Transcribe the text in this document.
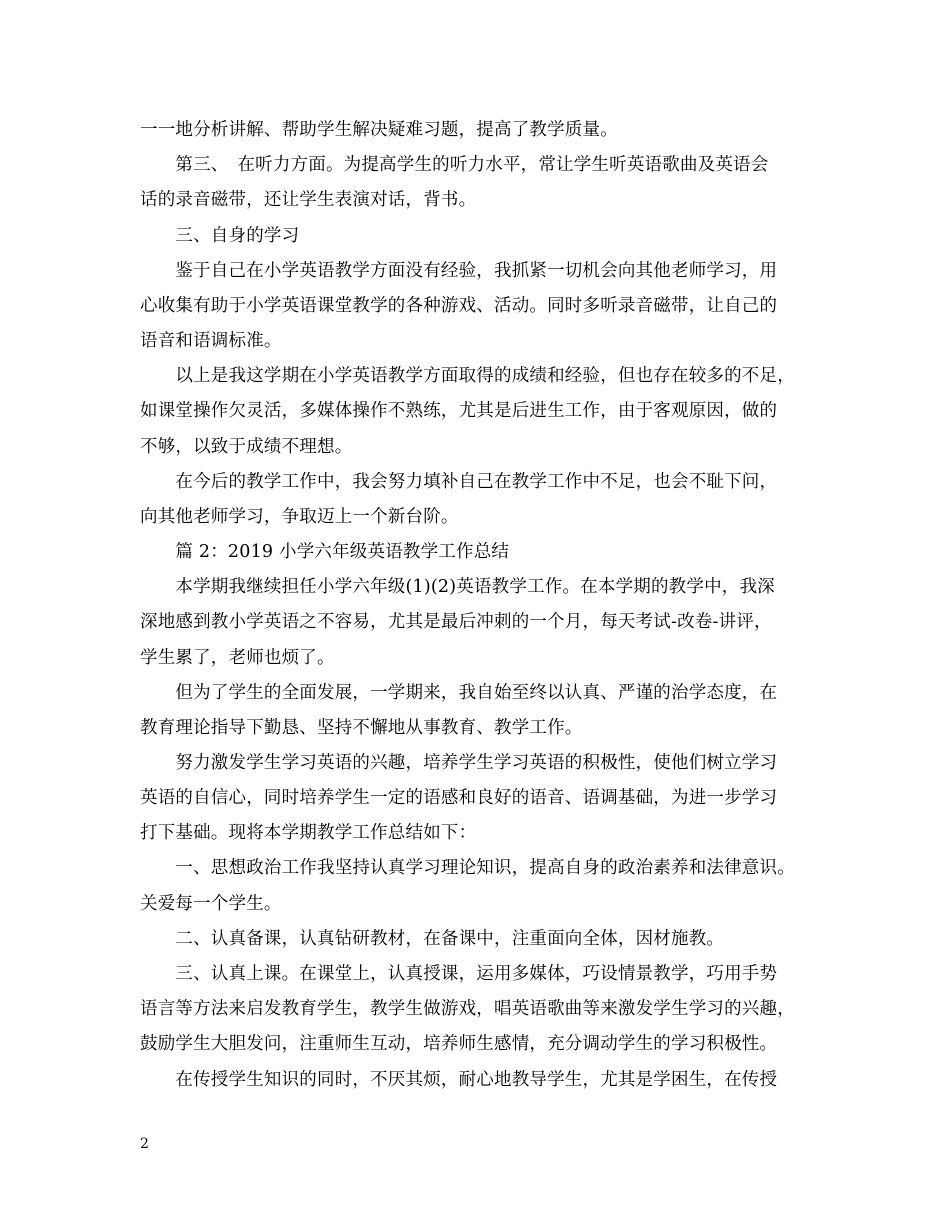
一一地分析讲解、帮助学生解决疑难习题，提高了教学质量。
　　第三、　在听力方面。为提高学生的听力水平，常让学生听英语歌曲及英语会
话的录音磁带，还让学生表演对话，背书。
　　三、自身的学习
　　鉴于自己在小学英语教学方面没有经验，我抓紧一切机会向其他老师学习，用
心收集有助于小学英语课堂教学的各种游戏、活动。同时多听录音磁带，让自己的
语音和语调标准。
　　以上是我这学期在小学英语教学方面取得的成绩和经验，但也存在较多的不足，
如课堂操作欠灵活，多媒体操作不熟练，尤其是后进生工作，由于客观原因，做的
不够，以致于成绩不理想。
　　在今后的教学工作中，我会努力填补自己在教学工作中不足，也会不耻下问，
向其他老师学习，争取迈上一个新台阶。
　　篇 2：2019 小学六年级英语教学工作总结
　　本学期我继续担任小学六年级(1)(2)英语教学工作。在本学期的教学中，我深
深地感到教小学英语之不容易，尤其是最后冲刺的一个月，每天考试-改卷-讲评，
学生累了，老师也烦了。
　　但为了学生的全面发展，一学期来，我自始至终以认真、严谨的治学态度，在
教育理论指导下勤恳、坚持不懈地从事教育、教学工作。
　　努力激发学生学习英语的兴趣，培养学生学习英语的积极性，使他们树立学习
英语的自信心，同时培养学生一定的语感和良好的语音、语调基础，为进一步学习
打下基础。现将本学期教学工作总结如下：
　　一、思想政治工作我坚持认真学习理论知识，提高自身的政治素养和法律意识。
关爱每一个学生。
　　二、认真备课，认真钻研教材，在备课中，注重面向全体，因材施教。
　　三、认真上课。在课堂上，认真授课，运用多媒体，巧设情景教学，巧用手势
语言等方法来启发教育学生，教学生做游戏，唱英语歌曲等来激发学生学习的兴趣，
鼓励学生大胆发问，注重师生互动，培养师生感情，充分调动学生的学习积极性。
　　在传授学生知识的同时，不厌其烦，耐心地教导学生，尤其是学困生，在传授
2
